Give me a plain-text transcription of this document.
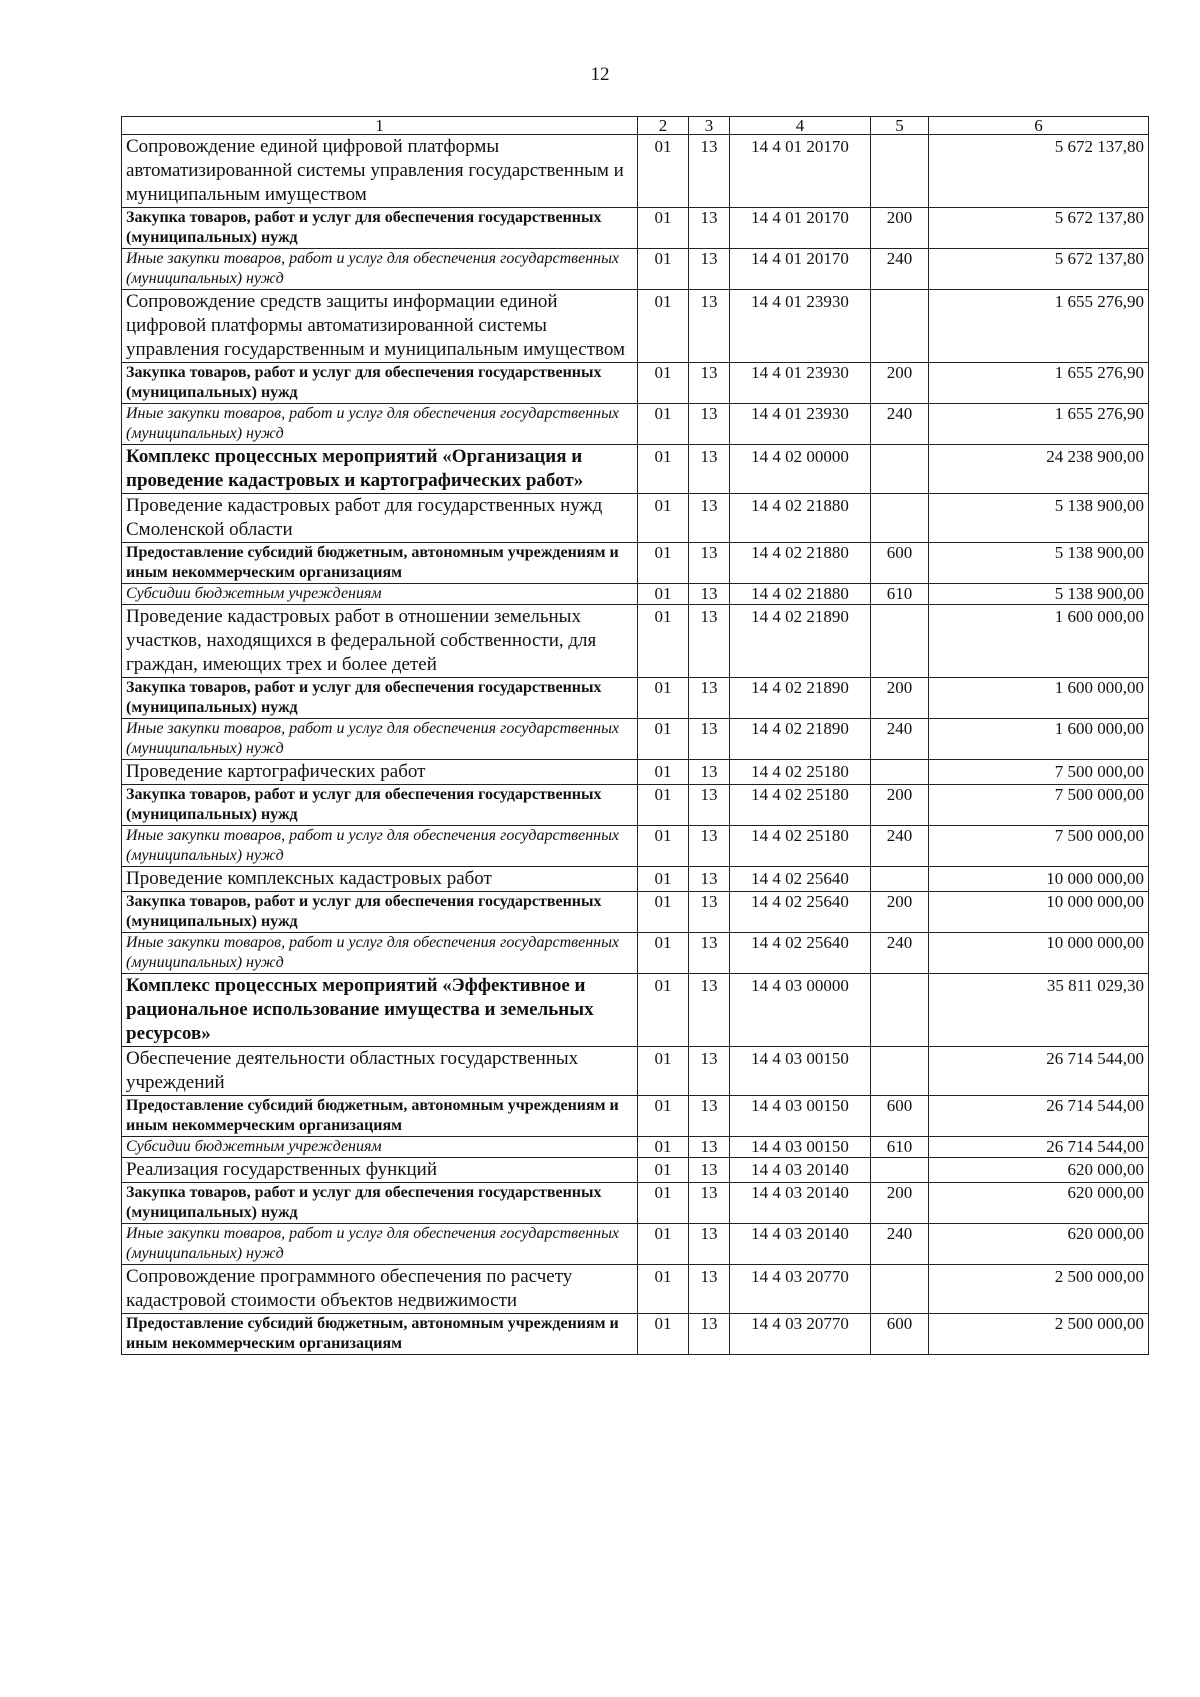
12
1	2	3	4	5	6
Сопровождение единой цифровой платформы автоматизированной системы управления государственным и муниципальным имуществом	01	13	14 4 01 20170		5 672 137,80
Закупка товаров, работ и услуг для обеспечения государственных (муниципальных) нужд	01	13	14 4 01 20170	200	5 672 137,80
Иные закупки товаров, работ и услуг для обеспечения государственных (муниципальных) нужд	01	13	14 4 01 20170	240	5 672 137,80
Сопровождение средств защиты информации единой цифровой платформы автоматизированной системы управления государственным и муниципальным имуществом	01	13	14 4 01 23930		1 655 276,90
Закупка товаров, работ и услуг для обеспечения государственных (муниципальных) нужд	01	13	14 4 01 23930	200	1 655 276,90
Иные закупки товаров, работ и услуг для обеспечения государственных (муниципальных) нужд	01	13	14 4 01 23930	240	1 655 276,90
Комплекс процессных мероприятий «Организация и проведение кадастровых и картографических работ»	01	13	14 4 02 00000		24 238 900,00
Проведение кадастровых работ для государственных нужд Смоленской области	01	13	14 4 02 21880		5 138 900,00
Предоставление субсидий бюджетным, автономным учреждениям и иным некоммерческим организациям	01	13	14 4 02 21880	600	5 138 900,00
Субсидии бюджетным учреждениям	01	13	14 4 02 21880	610	5 138 900,00
Проведение кадастровых работ в отношении земельных участков, находящихся в федеральной собственности, для граждан, имеющих трех и более детей	01	13	14 4 02 21890		1 600 000,00
Закупка товаров, работ и услуг для обеспечения государственных (муниципальных) нужд	01	13	14 4 02 21890	200	1 600 000,00
Иные закупки товаров, работ и услуг для обеспечения государственных (муниципальных) нужд	01	13	14 4 02 21890	240	1 600 000,00
Проведение картографических работ	01	13	14 4 02 25180		7 500 000,00
Закупка товаров, работ и услуг для обеспечения государственных (муниципальных) нужд	01	13	14 4 02 25180	200	7 500 000,00
Иные закупки товаров, работ и услуг для обеспечения государственных (муниципальных) нужд	01	13	14 4 02 25180	240	7 500 000,00
Проведение комплексных кадастровых работ	01	13	14 4 02 25640		10 000 000,00
Закупка товаров, работ и услуг для обеспечения государственных (муниципальных) нужд	01	13	14 4 02 25640	200	10 000 000,00
Иные закупки товаров, работ и услуг для обеспечения государственных (муниципальных) нужд	01	13	14 4 02 25640	240	10 000 000,00
Комплекс процессных мероприятий «Эффективное и рациональное использование имущества и земельных ресурсов»	01	13	14 4 03 00000		35 811 029,30
Обеспечение деятельности областных государственных учреждений	01	13	14 4 03 00150		26 714 544,00
Предоставление субсидий бюджетным, автономным учреждениям и иным некоммерческим организациям	01	13	14 4 03 00150	600	26 714 544,00
Субсидии бюджетным учреждениям	01	13	14 4 03 00150	610	26 714 544,00
Реализация государственных функций	01	13	14 4 03 20140		620 000,00
Закупка товаров, работ и услуг для обеспечения государственных (муниципальных) нужд	01	13	14 4 03 20140	200	620 000,00
Иные закупки товаров, работ и услуг для обеспечения государственных (муниципальных) нужд	01	13	14 4 03 20140	240	620 000,00
Сопровождение программного обеспечения по расчету кадастровой стоимости объектов недвижимости	01	13	14 4 03 20770		2 500 000,00
Предоставление субсидий бюджетным, автономным учреждениям и иным некоммерческим организациям	01	13	14 4 03 20770	600	2 500 000,00
